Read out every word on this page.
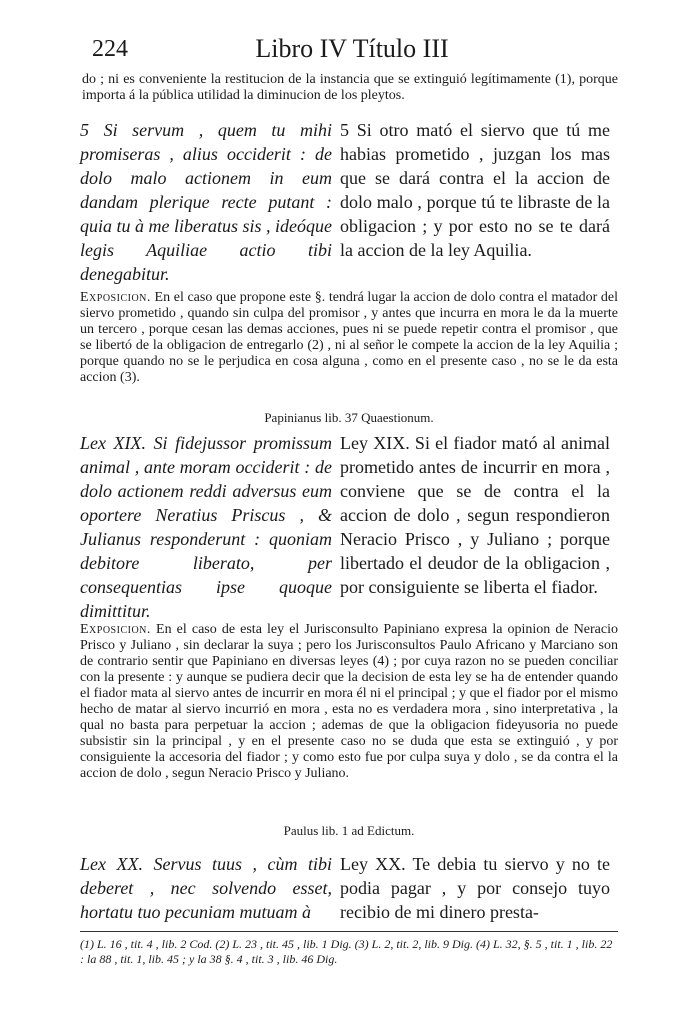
224	Libro IV Título III
do ; ni es conveniente la restitucion de la instancia que se extinguió legítimamente (1), porque importa á la pública utilidad la diminucion de los pleytos.
5 Si servum , quem tu mihi promiseras , alius occiderit : de dolo malo actionem in eum dandam plerique recte putant : quia tu à me liberatus sis , ideóque legis Aquiliae actio tibi denegabitur.
5 Si otro mató el siervo que tú me habias prometido , juzgan los mas que se dará contra el la accion de dolo malo , porque tú te libraste de la obligacion ; y por esto no se te dará la accion de la ley Aquilia.
Exposicion. En el caso que propone este §. tendrá lugar la accion de dolo contra el matador del siervo prometido , quando sin culpa del promisor , y antes que incurra en mora le da la muerte un tercero , porque cesan las demas acciones, pues ni se puede repetir contra el promisor , que se libertó de la obligacion de entregarlo (2) , ni al señor le compete la accion de la ley Aquilia ; porque quando no se le perjudica en cosa alguna , como en el presente caso , no se le da esta accion (3).
Papinianus lib. 37 Quaestionum.
Lex XIX. Si fidejussor promissum animal , ante moram occiderit : de dolo actionem reddi adversus eum oportere Neratius Priscus , & Julianus responderunt : quoniam debitore liberato, per consequentias ipse quoque dimittitur.
Ley XIX. Si el fiador mató al animal prometido antes de incurrir en mora , conviene que se de contra el la accion de dolo , segun respondieron Neracio Prisco , y Juliano ; porque libertado el deudor de la obligacion , por consiguiente se liberta el fiador.
Exposicion. En el caso de esta ley el Jurisconsulto Papiniano expresa la opinion de Neracio Prisco y Juliano , sin declarar la suya ; pero los Jurisconsultos Paulo Africano y Marciano son de contrario sentir que Papiniano en diversas leyes (4) ; por cuya razon no se pueden conciliar con la presente : y aunque se pudiera decir que la decision de esta ley se ha de entender quando el fiador mata al siervo antes de incurrir en mora él ni el principal ; y que el fiador por el mismo hecho de matar al siervo incurrió en mora , esta no es verdadera mora , sino interpretativa , la qual no basta para perpetuar la accion ; ademas de que la obligacion fideyusoria no puede subsistir sin la principal , y en el presente caso no se duda que esta se extinguió , y por consiguiente la accesoria del fiador ; y como esto fue por culpa suya y dolo , se da contra el la accion de dolo , segun Neracio Prisco y Juliano.
Paulus lib. 1 ad Edictum.
Lex XX. Servus tuus , cùm tibi deberet , nec solvendo esset, hortatu tuo pecuniam mutuam à
Ley XX. Te debia tu siervo y no te podia pagar , y por consejo tuyo recibio de mi dinero presta-
(1) L. 16 , tit. 4 , lib. 2 Cod. (2) L. 23 , tit. 45 , lib. 1 Dig. (3) L. 2, tit. 2, lib. 9 Dig. (4) L. 32, §. 5 , tit. 1 , lib. 22 : la 88 , tit. 1, lib. 45 ; y la 38 §. 4 , tit. 3 , lib. 46 Dig.
